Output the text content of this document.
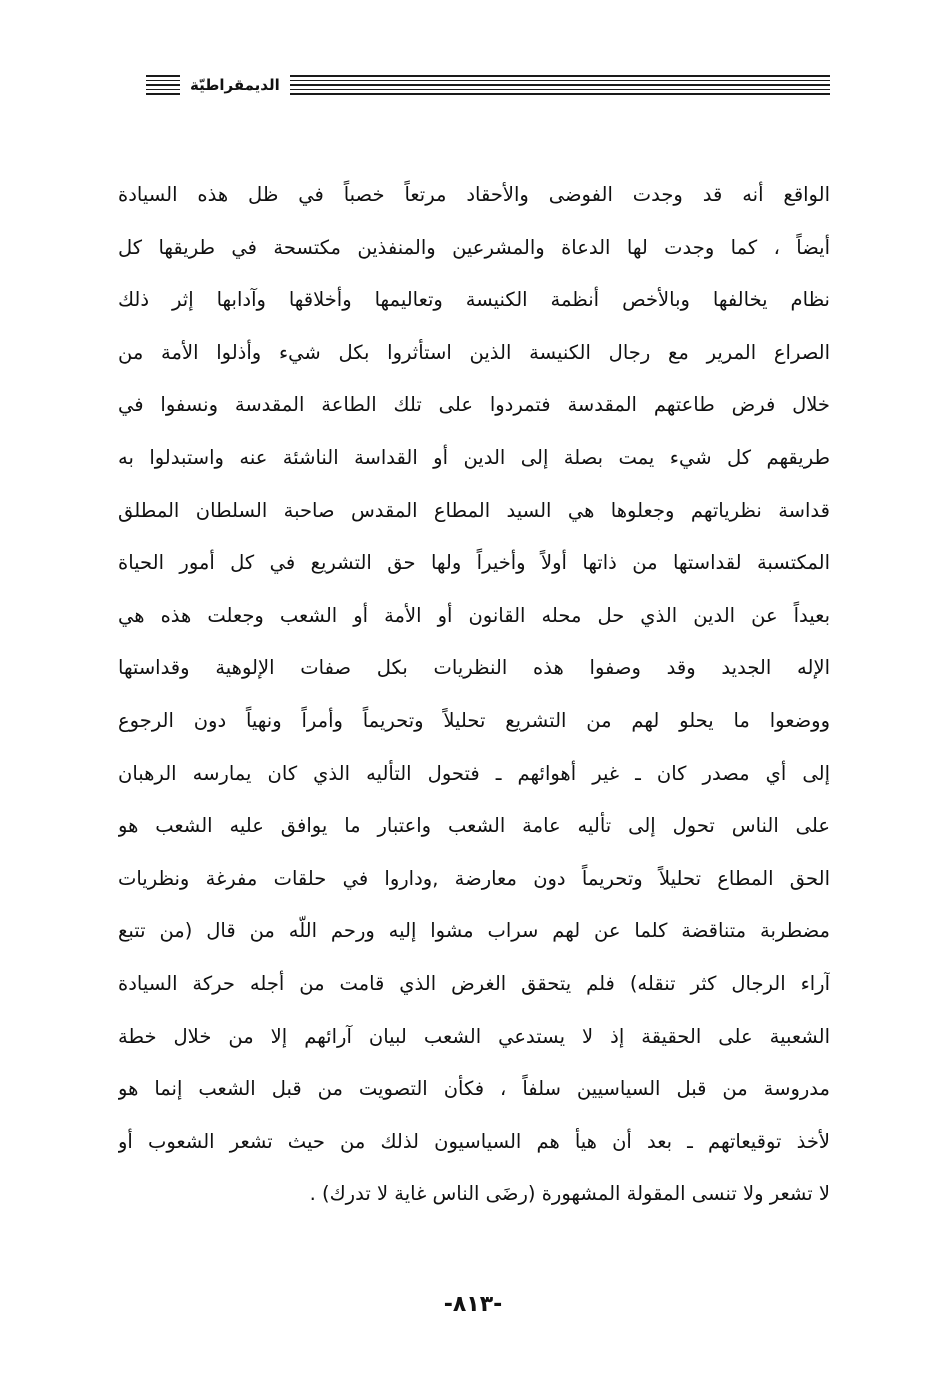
الديمقراطيّة
الواقع أنه قد وجدت الفوضى والأحقاد مرتعاً خصباً في ظل هذه السيادة
أيضاً ، كما وجدت لها الدعاة والمشرعين والمنفذين مكتسحة في طريقها كل
نظام يخالفها وبالأخص أنظمة الكنيسة وتعاليمها وأخلاقها وآدابها إثر ذلك
الصراع المرير مع رجال الكنيسة الذين استأثروا بكل شيء وأذلوا الأمة من
خلال فرض طاعتهم المقدسة فتمردوا على تلك الطاعة المقدسة ونسفوا في
طريقهم كل شيء يمت بصلة إلى الدين أو القداسة الناشئة عنه واستبدلوا به
قداسة نظرياتهم وجعلوها هي السيد المطاع المقدس صاحبة السلطان المطلق
المكتسبة لقداستها من ذاتها أولاً وأخيراً ولها حق التشريع في كل أمور الحياة
بعيداً عن الدين الذي حل محله القانون أو الأمة أو الشعب وجعلت هذه هي
الإله الجديد وقد وصفوا هذه النظريات بكل صفات الإلوهية وقداستها
ووضعوا ما يحلو لهم من التشريع تحليلاً وتحريماً وأمراً ونهياً دون الرجوع
إلى أي مصدر كان ـ غير أهوائهم ـ فتحول التأليه الذي كان يمارسه الرهبان
على الناس تحول إلى تأليه عامة الشعب واعتبار ما يوافق عليه الشعب هو
الحق المطاع تحليلاً وتحريماً دون معارضة ,وداروا في حلقات مفرغة ونظريات
مضطربة متناقضة كلما عن لهم سراب مشوا إليه ورحم اللّه من قال (من تتبع
آراء الرجال كثر تنقله) فلم يتحقق الغرض الذي قامت من أجله حركة السيادة
الشعبية على الحقيقة إذ لا يستدعي الشعب لبيان آرائهم إلا من خلال خطة
مدروسة من قبل السياسيين سلفاً ، فكأن التصويت من قبل الشعب إنما هو
لأخذ توقيعاتهم ـ بعد أن هيأ هم السياسيون لذلك من حيث تشعر الشعوب أو
لا تشعر ولا تنسى المقولة المشهورة (رضَى الناس غاية لا تدرك) .
-٨١٣-
